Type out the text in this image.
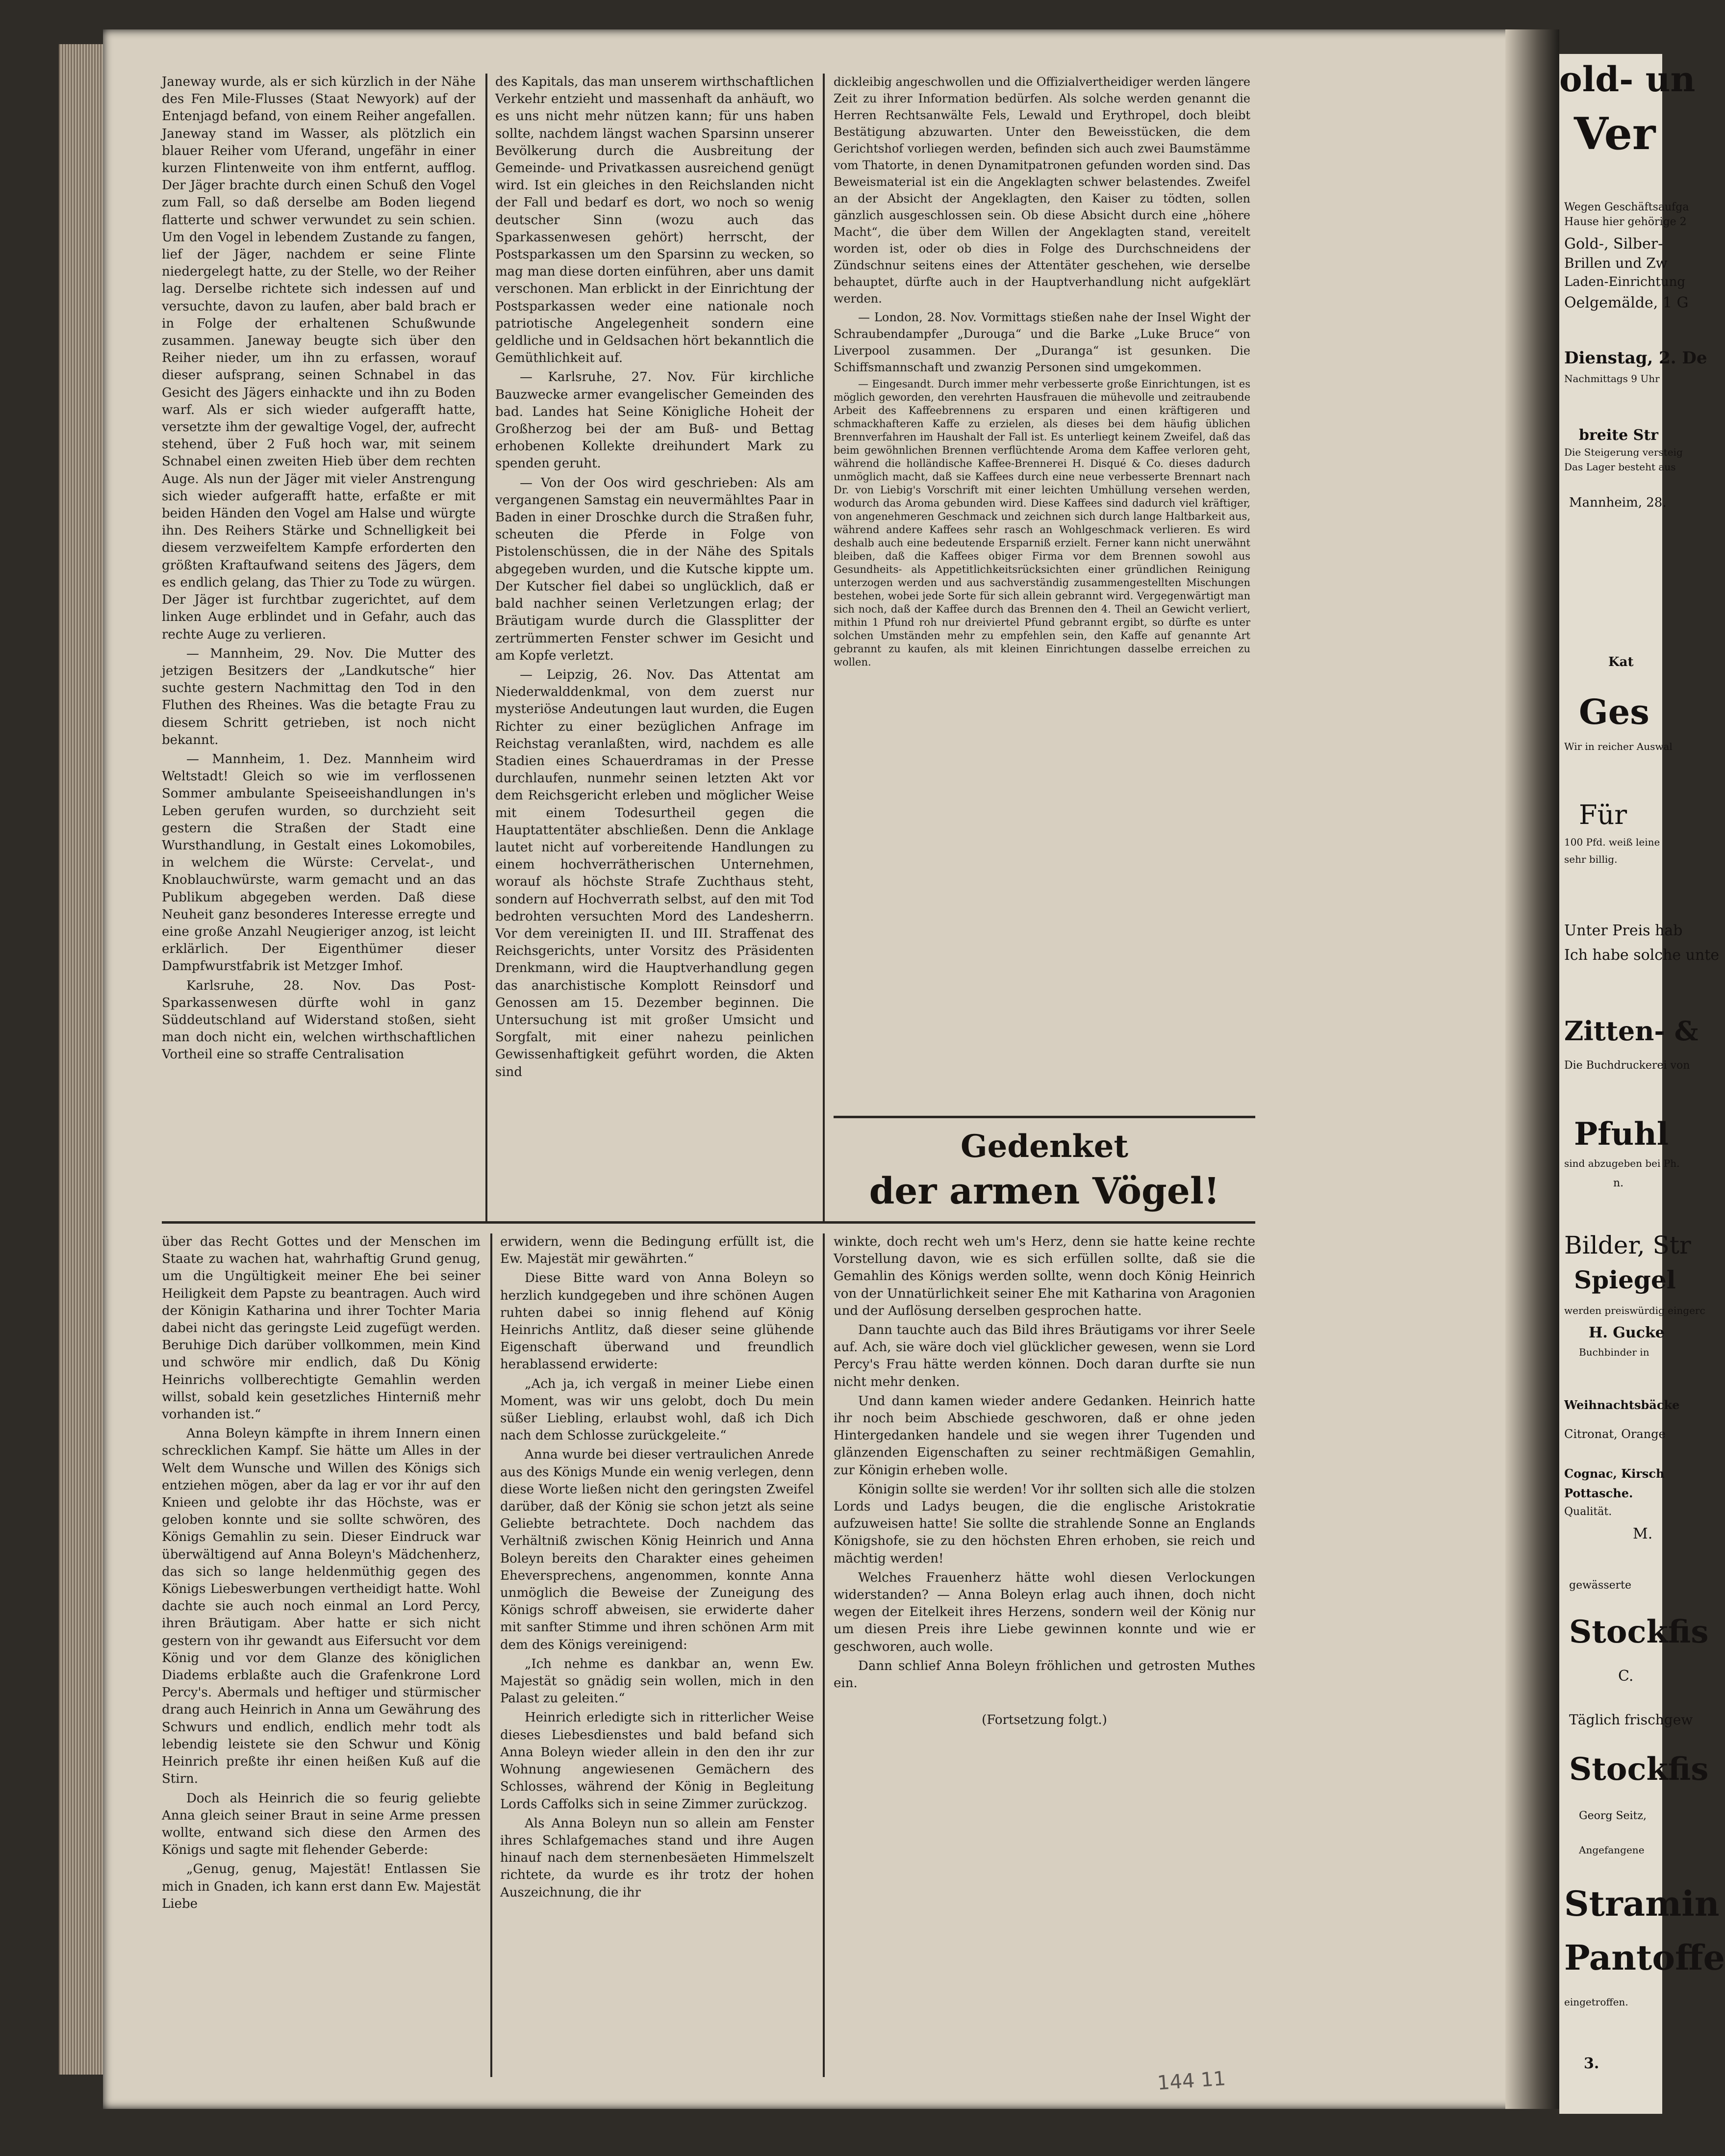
Janeway wurde, als er sich kürzlich in der Nähe des Fen Mile-Flusses (Staat Newyork) auf der Entenjagd befand, von einem Reiher angefallen. Janeway stand im Wasser, als plötzlich ein blauer Reiher vom Uferand, ungefähr in einer kurzen Flintenweite von ihm entfernt, aufflog. Der Jäger brachte durch einen Schuß den Vogel zum Fall, so daß derselbe am Boden liegend flatterte und schwer verwundet zu sein schien. Um den Vogel in lebendem Zustande zu fangen, lief der Jäger, nachdem er seine Flinte niedergelegt hatte, zu der Stelle, wo der Reiher lag. Derselbe richtete sich indessen auf und versuchte, davon zu laufen, aber bald brach er in Folge der erhaltenen Schußwunde zusammen. Janeway beugte sich über den Reiher nieder, um ihn zu erfassen, worauf dieser aufsprang, seinen Schnabel in das Gesicht des Jägers einhackte und ihn zu Boden warf. Als er sich wieder aufgerafft hatte, versetzte ihm der gewaltige Vogel, der, aufrecht stehend, über 2 Fuß hoch war, mit seinem Schnabel einen zweiten Hieb über dem rechten Auge. Als nun der Jäger mit vieler Anstrengung sich wieder aufgerafft hatte, erfaßte er mit beiden Händen den Vogel am Halse und würgte ihn. Des Reihers Stärke und Schnelligkeit bei diesem verzweifeltem Kampfe erforderten den größten Kraftaufwand seitens des Jägers, dem es endlich gelang, das Thier zu Tode zu würgen. Der Jäger ist furchtbar zugerichtet, auf dem linken Auge erblindet und in Gefahr, auch das rechte Auge zu verlieren.

— Mannheim, 29. Nov. Die Mutter des jetzigen Besitzers der „Landkutsche“ hier suchte gestern Nachmittag den Tod in den Fluthen des Rheines. Was die betagte Frau zu diesem Schritt getrieben, ist noch nicht bekannt.

— Mannheim, 1. Dez. Mannheim wird Weltstadt! Gleich so wie im verflossenen Sommer ambulante Speiseeishandlungen in's Leben gerufen wurden, so durchzieht seit gestern die Straßen der Stadt eine Wursthandlung, in Gestalt eines Lokomobiles, in welchem die Würste: Cervelat-, und Knoblauchwürste, warm gemacht und an das Publikum abgegeben werden. Daß diese Neuheit ganz besonderes Interesse erregte und eine große Anzahl Neugieriger anzog, ist leicht erklärlich. Der Eigenthümer dieser Dampfwurstfabrik ist Metzger Imhof.

Karlsruhe, 28. Nov. Das Post-Sparkassenwesen dürfte wohl in ganz Süddeutschland auf Widerstand stoßen, sieht man doch nicht ein, welchen wirthschaftlichen Vortheil eine so straffe Centralisation

des Kapitals, das man unserem wirthschaftlichen Verkehr entzieht und massenhaft da anhäuft, wo es uns nicht mehr nützen kann; für uns haben sollte, nachdem längst wachen Sparsinn unserer Bevölkerung durch die Ausbreitung der Gemeinde- und Privatkassen ausreichend genügt wird. Ist ein gleiches in den Reichslanden nicht der Fall und bedarf es dort, wo noch so wenig deutscher Sinn (wozu auch das Sparkassenwesen gehört) herrscht, der Postsparkassen um den Sparsinn zu wecken, so mag man diese dorten einführen, aber uns damit verschonen. Man erblickt in der Einrichtung der Postsparkassen weder eine nationale noch patriotische Angelegenheit sondern eine geldliche und in Geldsachen hört bekanntlich die Gemüthlichkeit auf.

— Karlsruhe, 27. Nov. Für kirchliche Bauzwecke armer evangelischer Gemeinden des bad. Landes hat Seine Königliche Hoheit der Großherzog bei der am Buß- und Bettag erhobenen Kollekte dreihundert Mark zu spenden geruht.

— Von der Oos wird geschrieben: Als am vergangenen Samstag ein neuvermähltes Paar in Baden in einer Droschke durch die Straßen fuhr, scheuten die Pferde in Folge von Pistolenschüssen, die in der Nähe des Spitals abgegeben wurden, und die Kutsche kippte um. Der Kutscher fiel dabei so unglücklich, daß er bald nachher seinen Verletzungen erlag; der Bräutigam wurde durch die Glassplitter der zertrümmerten Fenster schwer im Gesicht und am Kopfe verletzt.

— Leipzig, 26. Nov. Das Attentat am Niederwalddenkmal, von dem zuerst nur mysteriöse Andeutungen laut wurden, die Eugen Richter zu einer bezüglichen Anfrage im Reichstag veranlaßten, wird, nachdem es alle Stadien eines Schauerdramas in der Presse durchlaufen, nunmehr seinen letzten Akt vor dem Reichsgericht erleben und möglicher Weise mit einem Todesurtheil gegen die Hauptattentäter abschließen. Denn die Anklage lautet nicht auf vorbereitende Handlungen zu einem hochverrätherischen Unternehmen, worauf als höchste Strafe Zuchthaus steht, sondern auf Hochverrath selbst, auf den mit Tod bedrohten versuchten Mord des Landesherrn. Vor dem vereinigten II. und III. Straffenat des Reichsgerichts, unter Vorsitz des Präsidenten Drenkmann, wird die Hauptverhandlung gegen das anarchistische Komplott Reinsdorf und Genossen am 15. Dezember beginnen. Die Untersuchung ist mit großer Umsicht und Sorgfalt, mit einer nahezu peinlichen Gewissenhaftigkeit geführt worden, die Akten sind

dickleibig angeschwollen und die Offizialvertheidiger werden längere Zeit zu ihrer Information bedürfen. Als solche werden genannt die Herren Rechtsanwälte Fels, Lewald und Erythropel, doch bleibt Bestätigung abzuwarten. Unter den Beweisstücken, die dem Gerichtshof vorliegen werden, befinden sich auch zwei Baumstämme vom Thatorte, in denen Dynamitpatronen gefunden worden sind. Das Beweismaterial ist ein die Angeklagten schwer belastendes. Zweifel an der Absicht der Angeklagten, den Kaiser zu tödten, sollen gänzlich ausgeschlossen sein. Ob diese Absicht durch eine „höhere Macht“, die über dem Willen der Angeklagten stand, vereitelt worden ist, oder ob dies in Folge des Durchschneidens der Zündschnur seitens eines der Attentäter geschehen, wie derselbe behauptet, dürfte auch in der Hauptverhandlung nicht aufgeklärt werden.

— London, 28. Nov. Vormittags stießen nahe der Insel Wight der Schraubendampfer „Durouga“ und die Barke „Luke Bruce“ von Liverpool zusammen. Der „Duranga“ ist gesunken. Die Schiffsmannschaft und zwanzig Personen sind umgekommen.

— Eingesandt. Durch immer mehr verbesserte große Einrichtungen, ist es möglich geworden, den verehrten Hausfrauen die mühevolle und zeitraubende Arbeit des Kaffeebrennens zu ersparen und einen kräftigeren und schmackhafteren Kaffe zu erzielen, als dieses bei dem häufig üblichen Brennverfahren im Haushalt der Fall ist. Es unterliegt keinem Zweifel, daß das beim gewöhnlichen Brennen verflüchtende Aroma dem Kaffee verloren geht, während die holländische Kaffee-Brennerei H. Disqué & Co. dieses dadurch unmöglich macht, daß sie Kaffees durch eine neue verbesserte Brennart nach Dr. von Liebig's Vorschrift mit einer leichten Umhüllung versehen werden, wodurch das Aroma gebunden wird. Diese Kaffees sind dadurch viel kräftiger, von angenehmeren Geschmack und zeichnen sich durch lange Haltbarkeit aus, während andere Kaffees sehr rasch an Wohlgeschmack verlieren. Es wird deshalb auch eine bedeutende Ersparniß erzielt. Ferner kann nicht unerwähnt bleiben, daß die Kaffees obiger Firma vor dem Brennen sowohl aus Gesundheits- als Appetitlichkeitsrücksichten einer gründlichen Reinigung unterzogen werden und aus sachverständig zusammengestellten Mischungen bestehen, wobei jede Sorte für sich allein gebrannt wird. Vergegenwärtigt man sich noch, daß der Kaffee durch das Brennen den 4. Theil an Gewicht verliert, mithin 1 Pfund roh nur dreiviertel Pfund gebrannt ergibt, so dürfte es unter solchen Umständen mehr zu empfehlen sein, den Kaffe auf genannte Art gebrannt zu kaufen, als mit kleinen Einrichtungen dasselbe erreichen zu wollen.

Gedenket
der armen Vögel!

über das Recht Gottes und der Menschen im Staate zu wachen hat, wahrhaftig Grund genug, um die Ungültigkeit meiner Ehe bei seiner Heiligkeit dem Papste zu beantragen. Auch wird der Königin Katharina und ihrer Tochter Maria dabei nicht das geringste Leid zugefügt werden. Beruhige Dich darüber vollkommen, mein Kind und schwöre mir endlich, daß Du König Heinrichs vollberechtigte Gemahlin werden willst, sobald kein gesetzliches Hinterniß mehr vorhanden ist.“

Anna Boleyn kämpfte in ihrem Innern einen schrecklichen Kampf. Sie hätte um Alles in der Welt dem Wunsche und Willen des Königs sich entziehen mögen, aber da lag er vor ihr auf den Knieen und gelobte ihr das Höchste, was er geloben konnte und sie sollte schwören, des Königs Gemahlin zu sein. Dieser Eindruck war überwältigend auf Anna Boleyn's Mädchenherz, das sich so lange heldenmüthig gegen des Königs Liebeswerbungen vertheidigt hatte. Wohl dachte sie auch noch einmal an Lord Percy, ihren Bräutigam. Aber hatte er sich nicht gestern von ihr gewandt aus Eifersucht vor dem König und vor dem Glanze des königlichen Diadems erblaßte auch die Grafenkrone Lord Percy's. Abermals und heftiger und stürmischer drang auch Heinrich in Anna um Gewährung des Schwurs und endlich, endlich mehr todt als lebendig leistete sie den Schwur und König Heinrich preßte ihr einen heißen Kuß auf die Stirn.

Doch als Heinrich die so feurig geliebte Anna gleich seiner Braut in seine Arme pressen wollte, entwand sich diese den Armen des Königs und sagte mit flehender Geberde:

„Genug, genug, Majestät! Entlassen Sie mich in Gnaden, ich kann erst dann Ew. Majestät Liebe

erwidern, wenn die Bedingung erfüllt ist, die Ew. Majestät mir gewährten.“

Diese Bitte ward von Anna Boleyn so herzlich kundgegeben und ihre schönen Augen ruhten dabei so innig flehend auf König Heinrichs Antlitz, daß dieser seine glühende Eigenschaft überwand und freundlich herablassend erwiderte:

„Ach ja, ich vergaß in meiner Liebe einen Moment, was wir uns gelobt, doch Du mein süßer Liebling, erlaubst wohl, daß ich Dich nach dem Schlosse zurückgeleite.“

Anna wurde bei dieser vertraulichen Anrede aus des Königs Munde ein wenig verlegen, denn diese Worte ließen nicht den geringsten Zweifel darüber, daß der König sie schon jetzt als seine Geliebte betrachtete. Doch nachdem das Verhältniß zwischen König Heinrich und Anna Boleyn bereits den Charakter eines geheimen Eheversprechens, angenommen, konnte Anna unmöglich die Beweise der Zuneigung des Königs schroff abweisen, sie erwiderte daher mit sanfter Stimme und ihren schönen Arm mit dem des Königs vereinigend:

„Ich nehme es dankbar an, wenn Ew. Majestät so gnädig sein wollen, mich in den Palast zu geleiten.“

Heinrich erledigte sich in ritterlicher Weise dieses Liebesdienstes und bald befand sich Anna Boleyn wieder allein in den den ihr zur Wohnung angewiesenen Gemächern des Schlosses, während der König in Begleitung Lords Caffolks sich in seine Zimmer zurückzog.

Als Anna Boleyn nun so allein am Fenster ihres Schlafgemaches stand und ihre Augen hinauf nach dem sternenbesäeten Himmelszelt richtete, da wurde es ihr trotz der hohen Auszeichnung, die ihr

winkte, doch recht weh um's Herz, denn sie hatte keine rechte Vorstellung davon, wie es sich erfüllen sollte, daß sie die Gemahlin des Königs werden sollte, wenn doch König Heinrich von der Unnatürlichkeit seiner Ehe mit Katharina von Aragonien und der Auflösung derselben gesprochen hatte.

Dann tauchte auch das Bild ihres Bräutigams vor ihrer Seele auf. Ach, sie wäre doch viel glücklicher gewesen, wenn sie Lord Percy's Frau hätte werden können. Doch daran durfte sie nun nicht mehr denken.

Und dann kamen wieder andere Gedanken. Heinrich hatte ihr noch beim Abschiede geschworen, daß er ohne jeden Hintergedanken handele und sie wegen ihrer Tugenden und glänzenden Eigenschaften zu seiner rechtmäßigen Gemahlin, zur Königin erheben wolle.

Königin sollte sie werden! Vor ihr sollten sich alle die stolzen Lords und Ladys beugen, die die englische Aristokratie aufzuweisen hatte! Sie sollte die strahlende Sonne an Englands Königshofe, sie zu den höchsten Ehren erhoben, sie reich und mächtig werden!

Welches Frauenherz hätte wohl diesen Verlockungen widerstanden? — Anna Boleyn erlag auch ihnen, doch nicht wegen der Eitelkeit ihres Herzens, sondern weil der König nur um diesen Preis ihre Liebe gewinnen konnte und wie er geschworen, auch wolle.

Dann schlief Anna Boleyn fröhlichen und getrosten Muthes ein.

(Fortsetzung folgt.)
144 11
old- un
Ver
Wegen Geschäftsaufga
Hause hier gehörige 2
Gold-, Silber-
Brillen und Zw
Laden-Einrichtung
Oelgemälde, 1 G
Dienstag, 2. De
Nachmittags 9 Uhr
breite Str
Die Steigerung versteig
Das Lager besteht aus
Mannheim, 28.
Kat
Ges
Wir in reicher Auswal
Für
100 Pfd. weiß leine
sehr billig.
Unter Preis hab
Ich habe solche unte
Zitten- &
Die Buchdruckerei von
Pfuhl
sind abzugeben bei Ph.
n.
Bilder, Str
Spiegel
werden preiswürdig eingerc
H. Gucke
Buchbinder in
Weihnachtsbäcke
Citronat, Orange
Cognac, Kirsch
Pottasche.
Qualität.
M.
gewässerte
Stockfis
C.
Täglich frischgew
Stockfis
Georg Seitz,
Angefangene
Stramin
Pantoffe
eingetroffen.
3.
